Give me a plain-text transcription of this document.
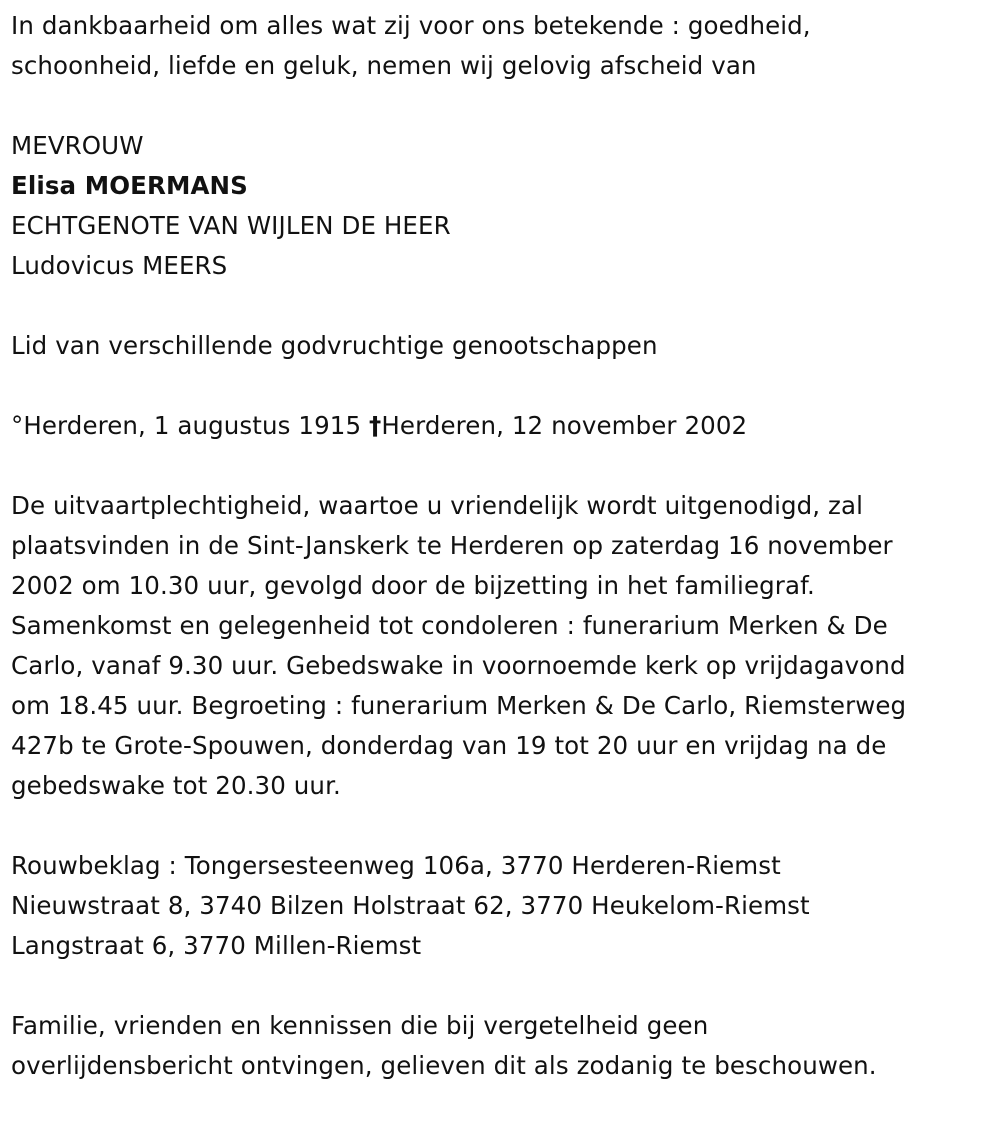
In dankbaarheid om alles wat zij voor ons betekende : goedheid,
schoonheid, liefde en geluk, nemen wij gelovig afscheid van
MEVROUW
Elisa MOERMANS
ECHTGENOTE VAN WIJLEN DE HEER
Ludovicus MEERS
Lid van verschillende godvruchtige genootschappen
°Herderen, 1 augustus 1915 †Herderen, 12 november 2002
De uitvaartplechtigheid, waartoe u vriendelijk wordt uitgenodigd, zal
plaatsvinden in de Sint-Janskerk te Herderen op zaterdag 16 november
2002 om 10.30 uur, gevolgd door de bijzetting in het familiegraf.
Samenkomst en gelegenheid tot condoleren : funerarium Merken & De
Carlo, vanaf 9.30 uur. Gebedswake in voornoemde kerk op vrijdagavond
om 18.45 uur. Begroeting : funerarium Merken & De Carlo, Riemsterweg
427b te Grote-Spouwen, donderdag van 19 tot 20 uur en vrijdag na de
gebedswake tot 20.30 uur.
Rouwbeklag : Tongersesteenweg 106a, 3770 Herderen-Riemst
Nieuwstraat 8, 3740 Bilzen Holstraat 62, 3770 Heukelom-Riemst
Langstraat 6, 3770 Millen-Riemst
Familie, vrienden en kennissen die bij vergetelheid geen
overlijdensbericht ontvingen, gelieven dit als zodanig te beschouwen.
